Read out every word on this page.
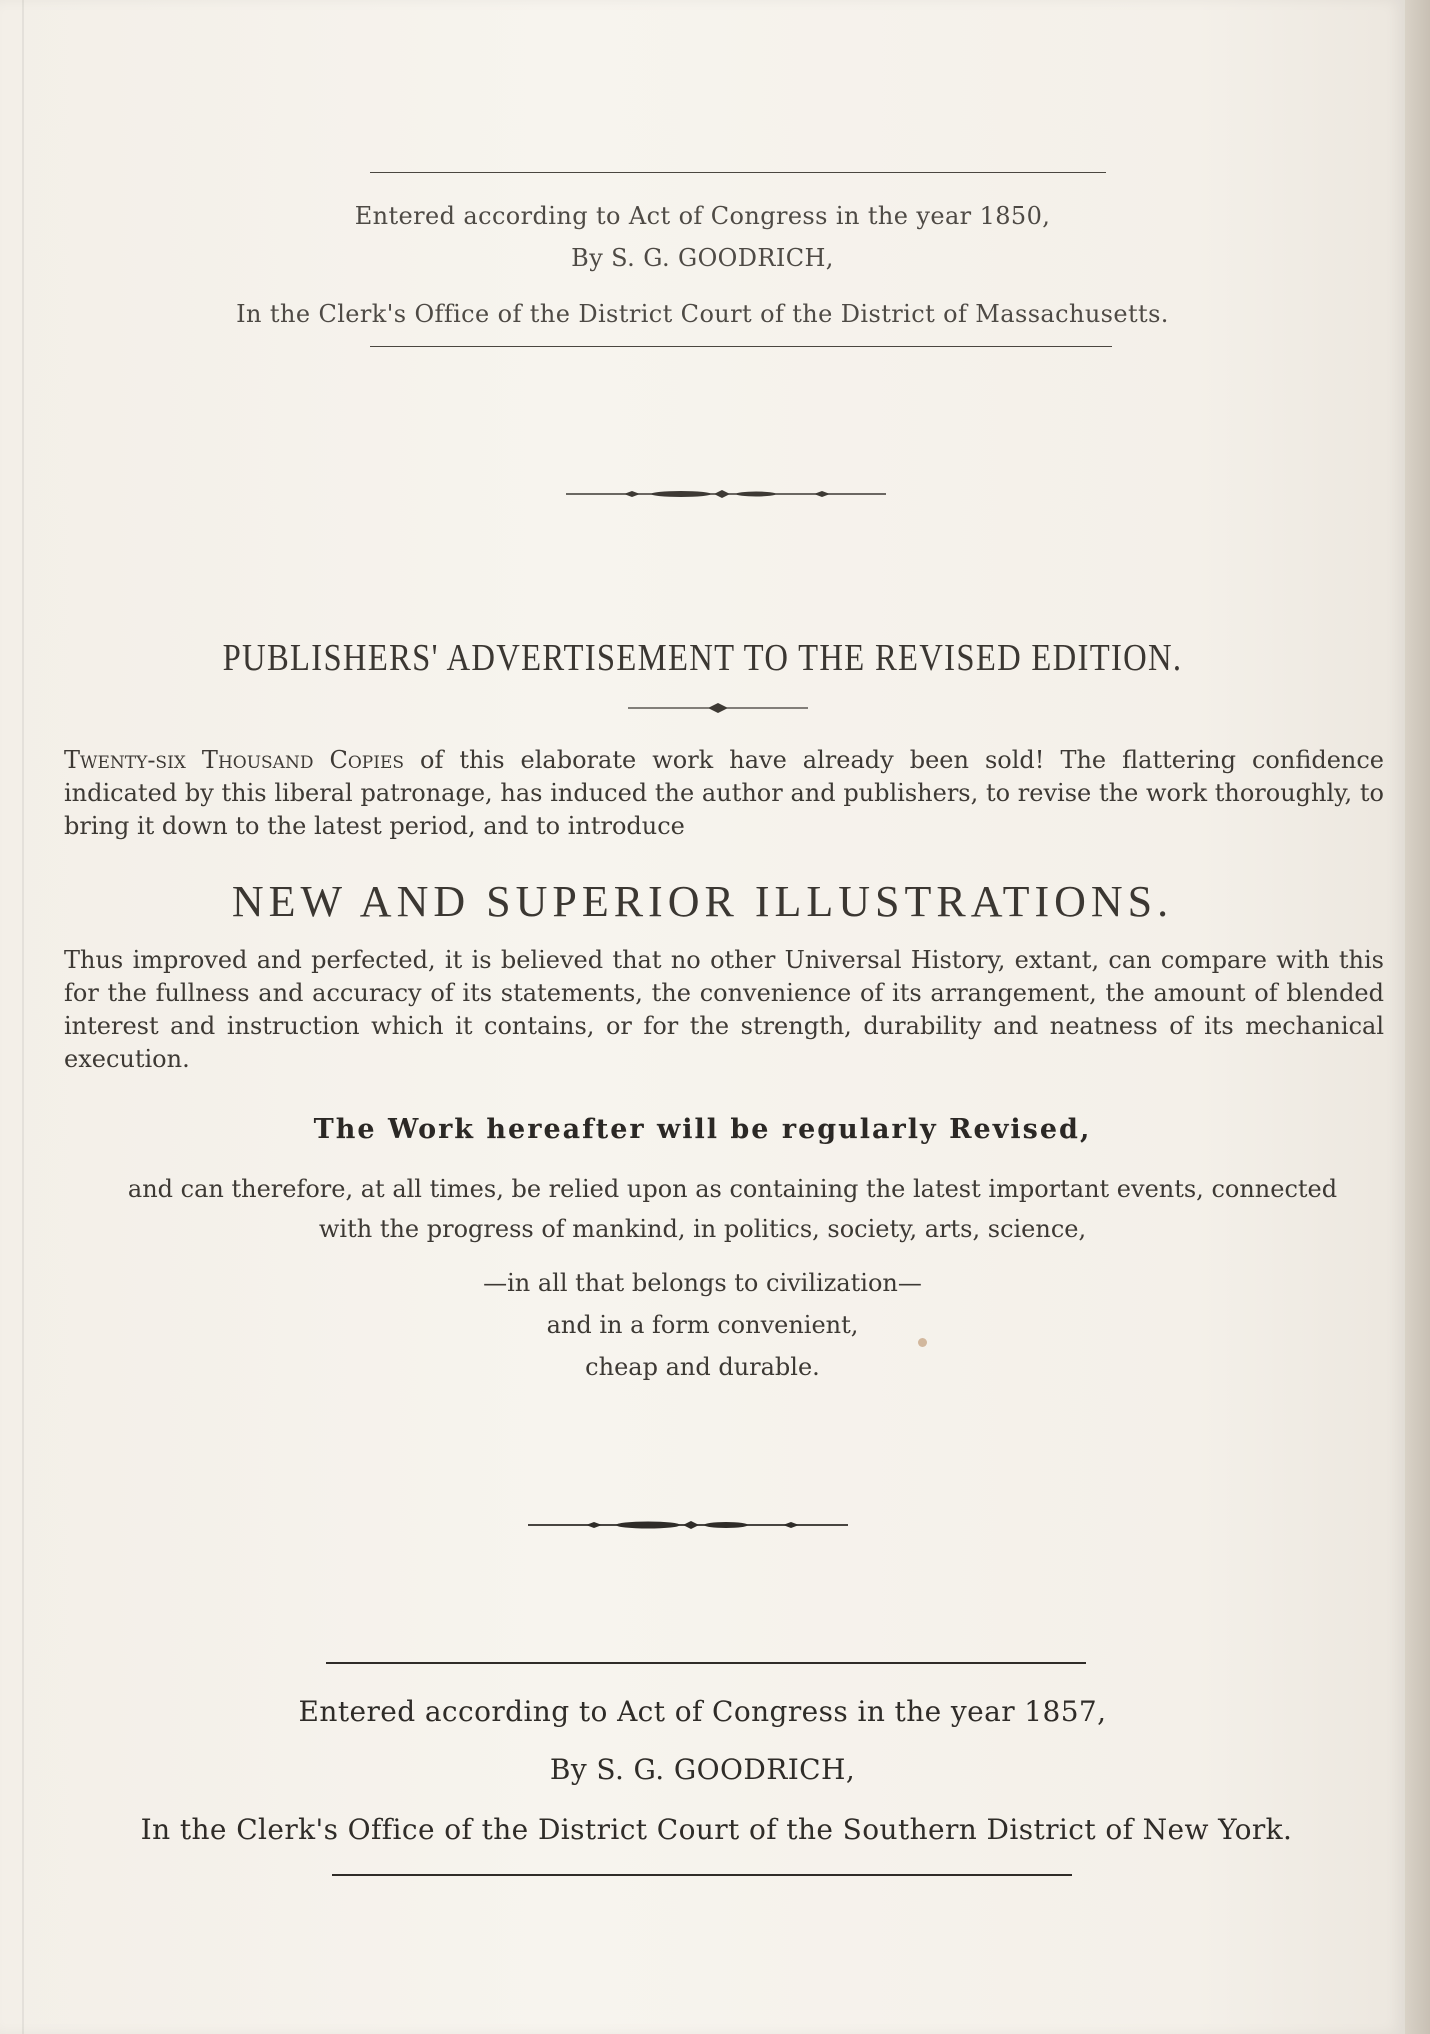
Entered according to Act of Congress in the year 1850,
By S. G. GOODRICH,
In the Clerk's Office of the District Court of the District of Massachusetts.
PUBLISHERS' ADVERTISEMENT TO THE REVISED EDITION.
Twenty-six Thousand Copies of this elaborate work have already been sold! The flattering confidence indicated by this liberal patronage, has induced the author and publishers, to revise the work thoroughly, to bring it down to the latest period, and to introduce
NEW AND SUPERIOR ILLUSTRATIONS.
Thus improved and perfected, it is believed that no other Universal History, extant, can compare with this for the fullness and accuracy of its statements, the convenience of its arrangement, the amount of blended interest and instruction which it contains, or for the strength, durability and neatness of its mechanical execution.
The Work hereafter will be regularly Revised,
and can therefore, at all times, be relied upon as containing the latest important events, connected
with the progress of mankind, in politics, society, arts, science,
—in all that belongs to civilization—
and in a form convenient,
cheap and durable.
Entered according to Act of Congress in the year 1857,
By S. G. GOODRICH,
In the Clerk's Office of the District Court of the Southern District of New York.
